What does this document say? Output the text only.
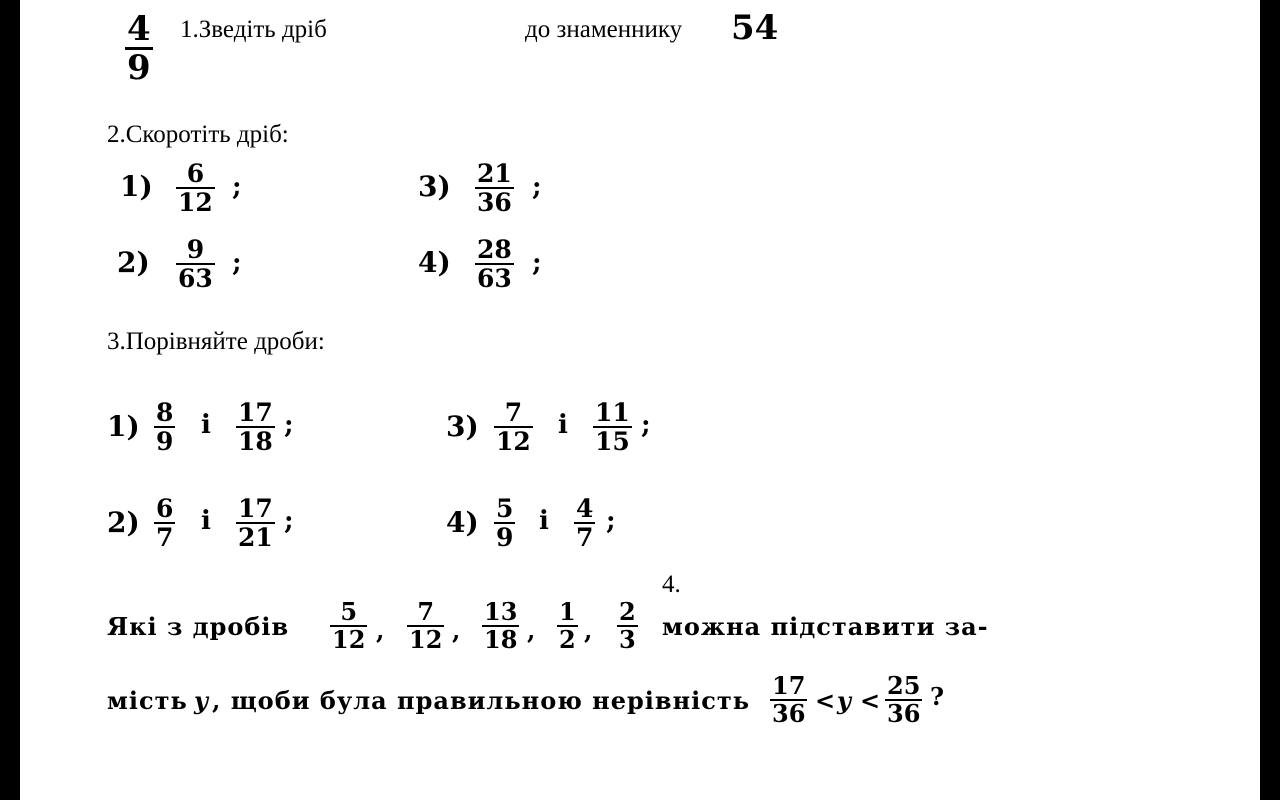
4
9
1.Зведіть дріб	до знаменнику 54
2.Скоротіть дріб:
1) 6
12
;
2) 9
63
;
3) 21
36
;
4) 28
63
;
3.Порівняйте дроби:
1) 8
9
і 17
18
;
2) 6
7
і 17
21
;
3) 7
12
і 11
15
;
4) 5
9
і 4
7
;
4.
Які з дробів
5
12 ,
7
12 ,
13
18 ,
1
2 ,
2
3 можна підставити за-
мість у , щоби була правильною нерівність
17
36 < у <
25
36
?
